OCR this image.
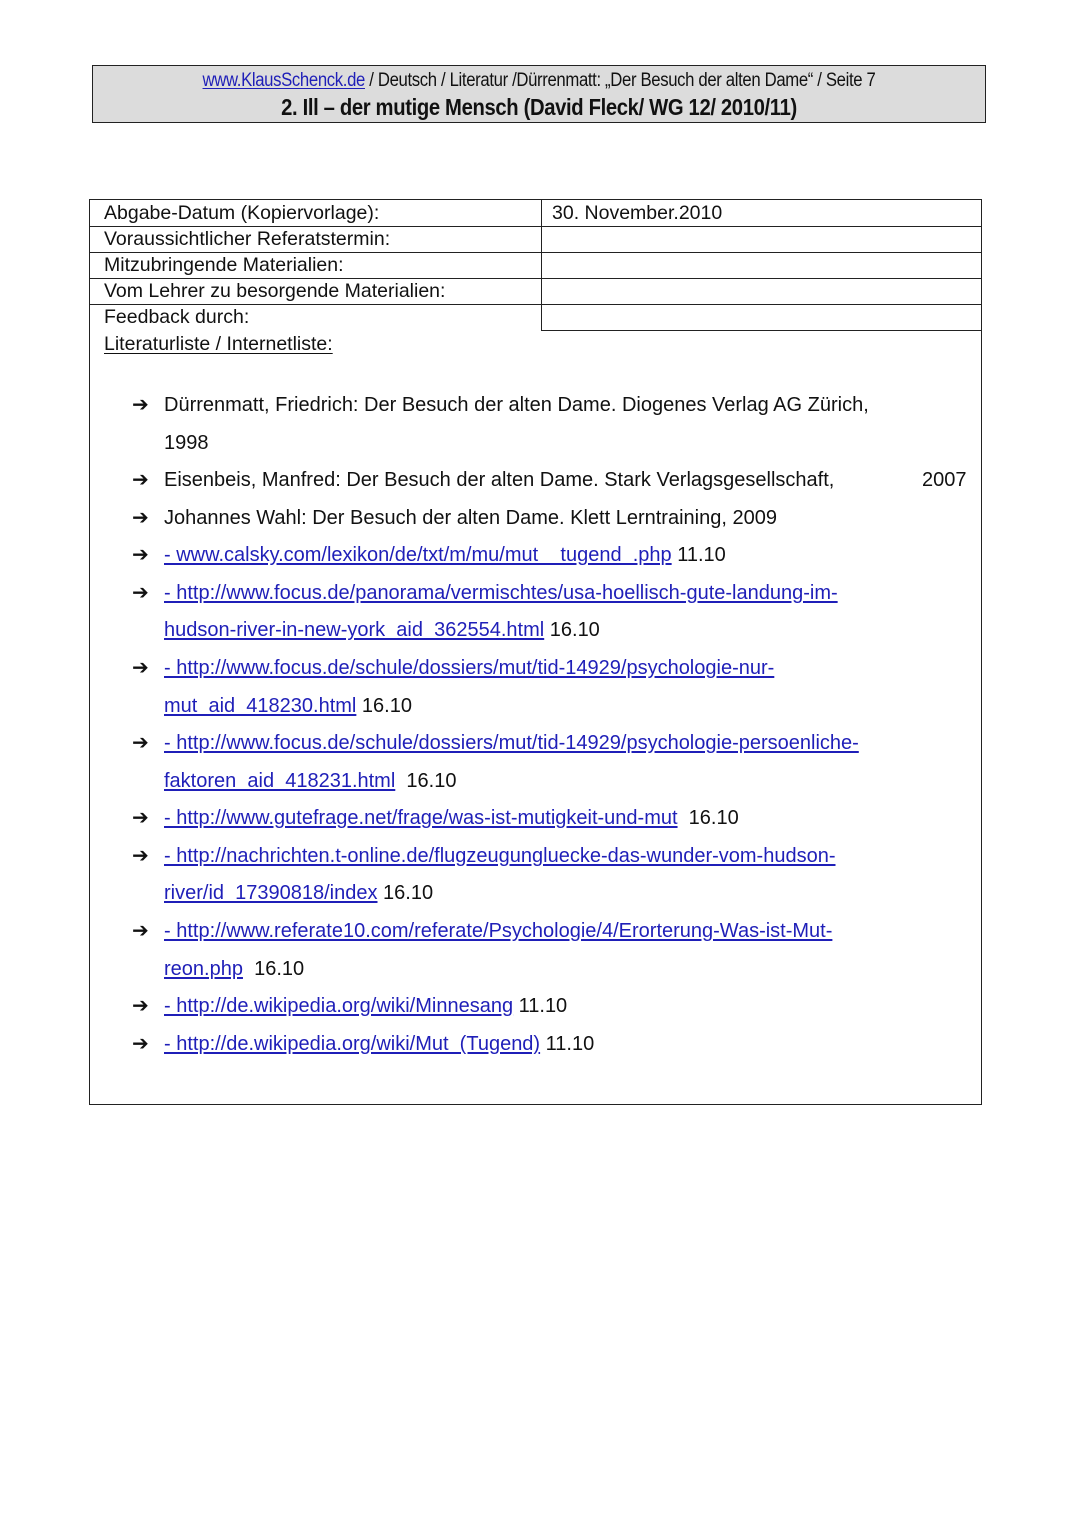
www.KlausSchenck.de / Deutsch / Literatur /Dürrenmatt: „Der Besuch der alten Dame“ / Seite 7
2. Ill – der mutige Mensch (David Fleck/ WG 12/ 2010/11)
Abgabe-Datum (Kopiervorlage):	30. November.2010
Voraussichtlicher Referatstermin:
Mitzubringende Materialien:
Vom Lehrer zu besorgende Materialien:
Feedback durch:
Literaturliste / Internetliste:
➔ Dürrenmatt, Friedrich: Der Besuch der alten Dame. Diogenes Verlag AG Zürich,
1998
➔ Eisenbeis, Manfred: Der Besuch der alten Dame. Stark Verlagsgesellschaft,	2007
➔ Johannes Wahl: Der Besuch der alten Dame. Klett Lerntraining, 2009
➔ - www.calsky.com/lexikon/de/txt/m/mu/mut__tugend_.php 11.10
➔ - http://www.focus.de/panorama/vermischtes/usa-hoellisch-gute-landung-im-
hudson-river-in-new-york_aid_362554.html 16.10
➔ - http://www.focus.de/schule/dossiers/mut/tid-14929/psychologie-nur-
mut_aid_418230.html 16.10
➔ - http://www.focus.de/schule/dossiers/mut/tid-14929/psychologie-persoenliche-
faktoren_aid_418231.html  16.10
➔ - http://www.gutefrage.net/frage/was-ist-mutigkeit-und-mut  16.10
➔ - http://nachrichten.t-online.de/flugzeugungluecke-das-wunder-vom-hudson-
river/id_17390818/index 16.10
➔ - http://www.referate10.com/referate/Psychologie/4/Erorterung-Was-ist-Mut-
reon.php  16.10
➔ - http://de.wikipedia.org/wiki/Minnesang 11.10
➔ - http://de.wikipedia.org/wiki/Mut_(Tugend) 11.10
